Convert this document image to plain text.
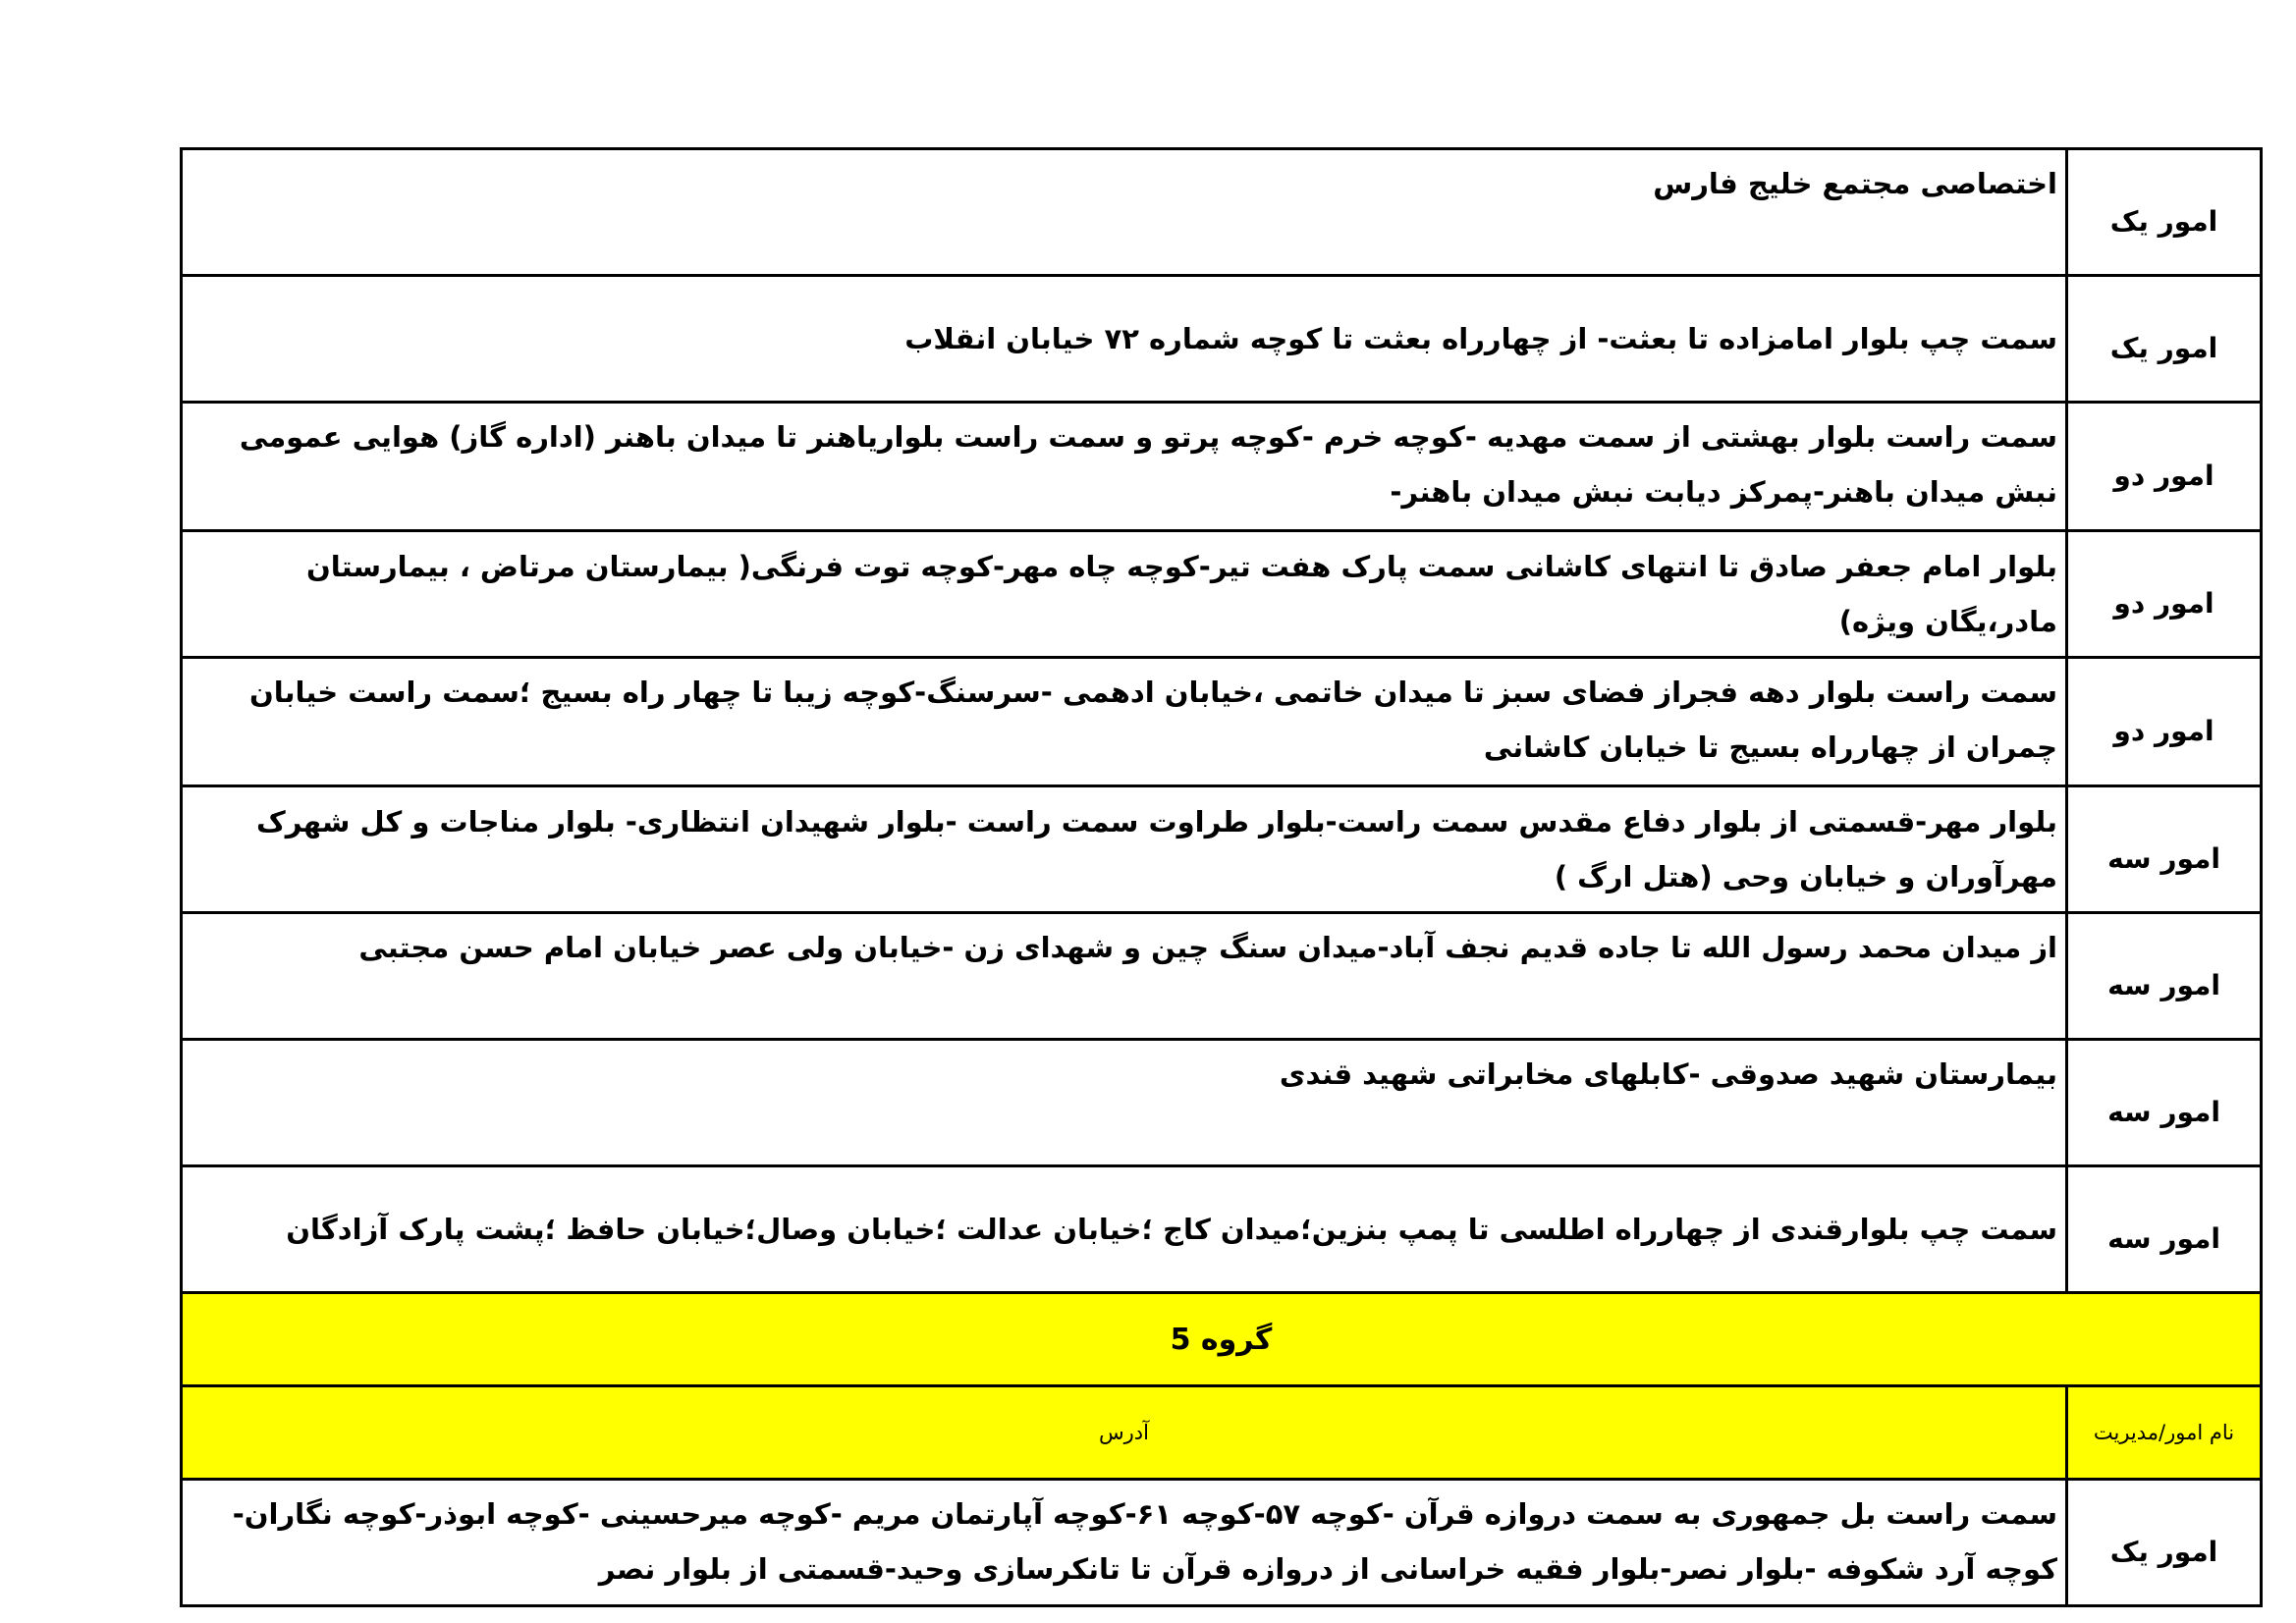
امور یک	اختصاصی مجتمع خلیج فارس
امور یک	سمت چپ بلوار امامزاده تا بعثت- از چهارراه بعثت تا کوچه شماره ۷۲ خیابان انقلاب
امور دو	سمت راست بلوار بهشتی از سمت مهدیه -کوچه خرم -کوچه پرتو و سمت راست بلواریاهنر تا میدان باهنر (اداره گاز) هوایی عمومی نبش میدان باهنر-پمرکز دیابت نبش میدان باهنر-
امور دو	بلوار امام جعفر صادق تا انتهای کاشانی سمت پارک هفت تیر-کوچه چاه مهر-کوچه توت فرنگی( بیمارستان مرتاض ، بیمارستان مادر،یگان ویژه)
امور دو	سمت راست بلوار دهه فجراز فضای سبز تا میدان خاتمی ،خیابان ادهمی -سرسنگ-کوچه زیبا تا چهار راه بسیج ؛سمت راست خیابان چمران از چهارراه بسیج تا خیابان کاشانی
امور سه	بلوار مهر-قسمتی از بلوار دفاع مقدس سمت راست-بلوار طراوت سمت راست -بلوار شهیدان انتظاری- بلوار مناجات و کل شهرک مهرآوران و خیابان وحی (هتل ارگ )
امور سه	از میدان محمد رسول الله تا جاده قدیم نجف آباد-میدان سنگ چین و شهدای زن -خیابان ولی عصر خیابان امام حسن مجتبی
امور سه	بیمارستان شهید صدوقی -کابلهای مخابراتی شهید قندی
امور سه	سمت چپ بلوارقندی از چهارراه اطلسی تا پمپ بنزین؛میدان کاج ؛خیابان عدالت ؛خیابان وصال؛خیابان حافظ ؛پشت پارک آزادگان
گروه 5	
نام امور/مدیریت	آدرس
امور یک	سمت راست بل جمهوری به سمت دروازه قرآن -کوچه ۵۷-کوچه ۶۱-کوچه آپارتمان مریم -کوچه میرحسینی -کوچه ابوذر-کوچه نگاران-کوچه آرد شکوفه -بلوار نصر-بلوار فقیه خراسانی از دروازه قرآن تا تانکرسازی وحید-قسمتی از بلوار نصر
